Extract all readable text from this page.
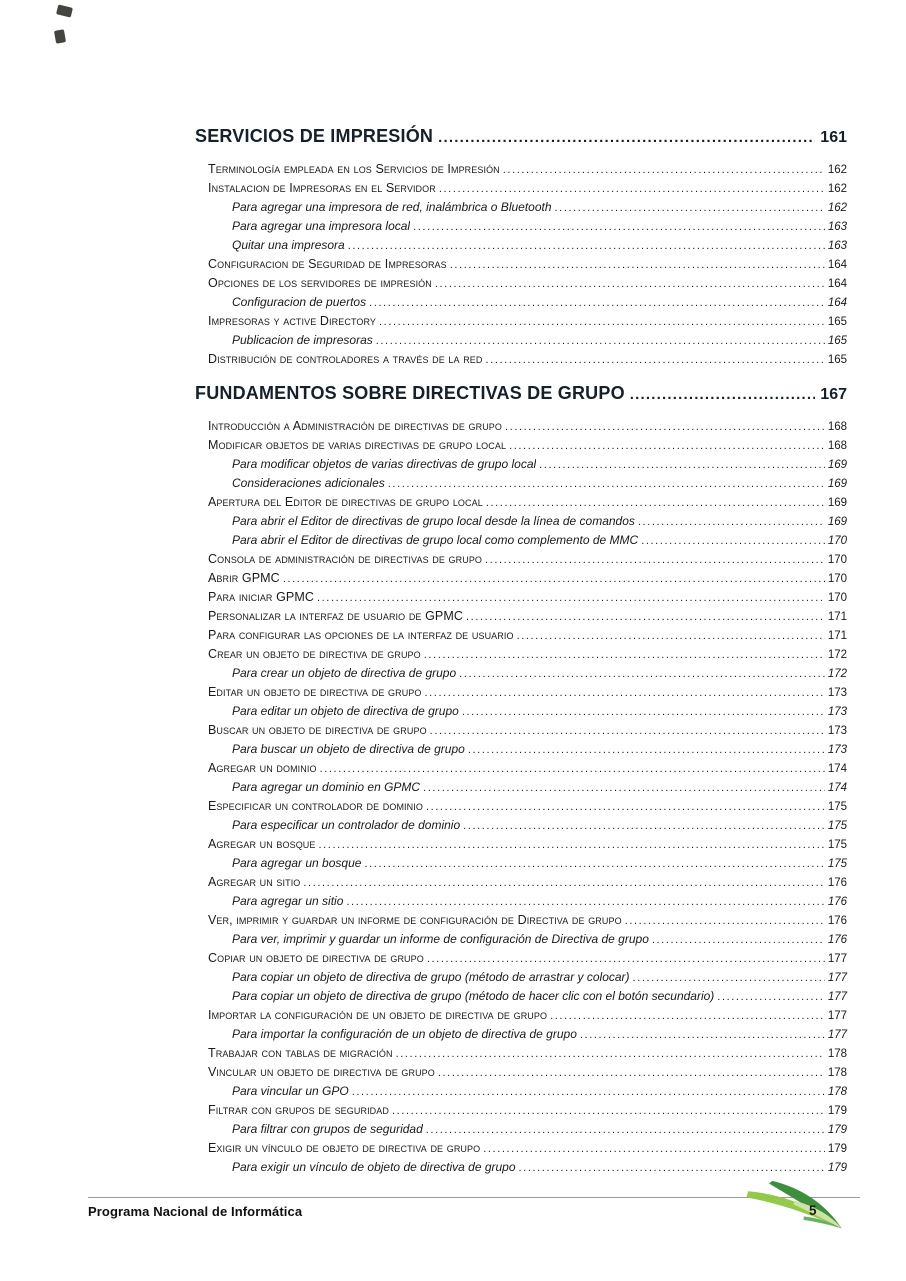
SERVICIOS DE IMPRESIÓN .....	161
Terminología empleada en los Servicios de Impresión .....	162
Instalacion de Impresoras en el Servidor .....	162
Para agregar una impresora de red, inalámbrica o Bluetooth .....	162
Para agregar una impresora local .....	163
Quitar una impresora .....	163
Configuracion de Seguridad de Impresoras .....	164
Opciones de los servidores de impresión .....	164
Configuracion de puertos .....	164
Impresoras y active Directory .....	165
Publicacion de impresoras .....	165
Distribución de controladores a través de la red .....	165
FUNDAMENTOS SOBRE DIRECTIVAS DE GRUPO .....	167
Introducción a Administración de directivas de grupo .....	168
Modificar objetos de varias directivas de grupo local .....	168
Para modificar objetos de varias directivas de grupo local .....	169
Consideraciones adicionales .....	169
Apertura del Editor de directivas de grupo local .....	169
Para abrir el Editor de directivas de grupo local desde la línea de comandos .....	169
Para abrir el Editor de directivas de grupo local como complemento de MMC .....	170
Consola de administración de directivas de grupo .....	170
Abrir GPMC .....	170
Para iniciar GPMC .....	170
Personalizar la interfaz de usuario de GPMC .....	171
Para configurar las opciones de la interfaz de usuario .....	171
Crear un objeto de directiva de grupo .....	172
Para crear un objeto de directiva de grupo .....	172
Editar un objeto de directiva de grupo .....	173
Para editar un objeto de directiva de grupo .....	173
Buscar un objeto de directiva de grupo .....	173
Para buscar un objeto de directiva de grupo .....	173
Agregar un dominio .....	174
Para agregar un dominio en GPMC .....	174
Especificar un controlador de dominio .....	175
Para especificar un controlador de dominio .....	175
Agregar un bosque .....	175
Para agregar un bosque .....	175
Agregar un sitio .....	176
Para agregar un sitio .....	176
Ver, imprimir y guardar un informe de configuración de Directiva de grupo .....	176
Para ver, imprimir y guardar un informe de configuración de Directiva de grupo .....	176
Copiar un objeto de directiva de grupo .....	177
Para copiar un objeto de directiva de grupo (método de arrastrar y colocar) .....	177
Para copiar un objeto de directiva de grupo (método de hacer clic con el botón secundario) .....	177
Importar la configuración de un objeto de directiva de grupo .....	177
Para importar la configuración de un objeto de directiva de grupo .....	177
Trabajar con tablas de migración .....	178
Vincular un objeto de directiva de grupo .....	178
Para vincular un GPO .....	178
Filtrar con grupos de seguridad .....	179
Para filtrar con grupos de seguridad .....	179
Exigir un vínculo de objeto de directiva de grupo .....	179
Para exigir un vínculo de objeto de directiva de grupo .....	179
Programa Nacional de Informática	5
